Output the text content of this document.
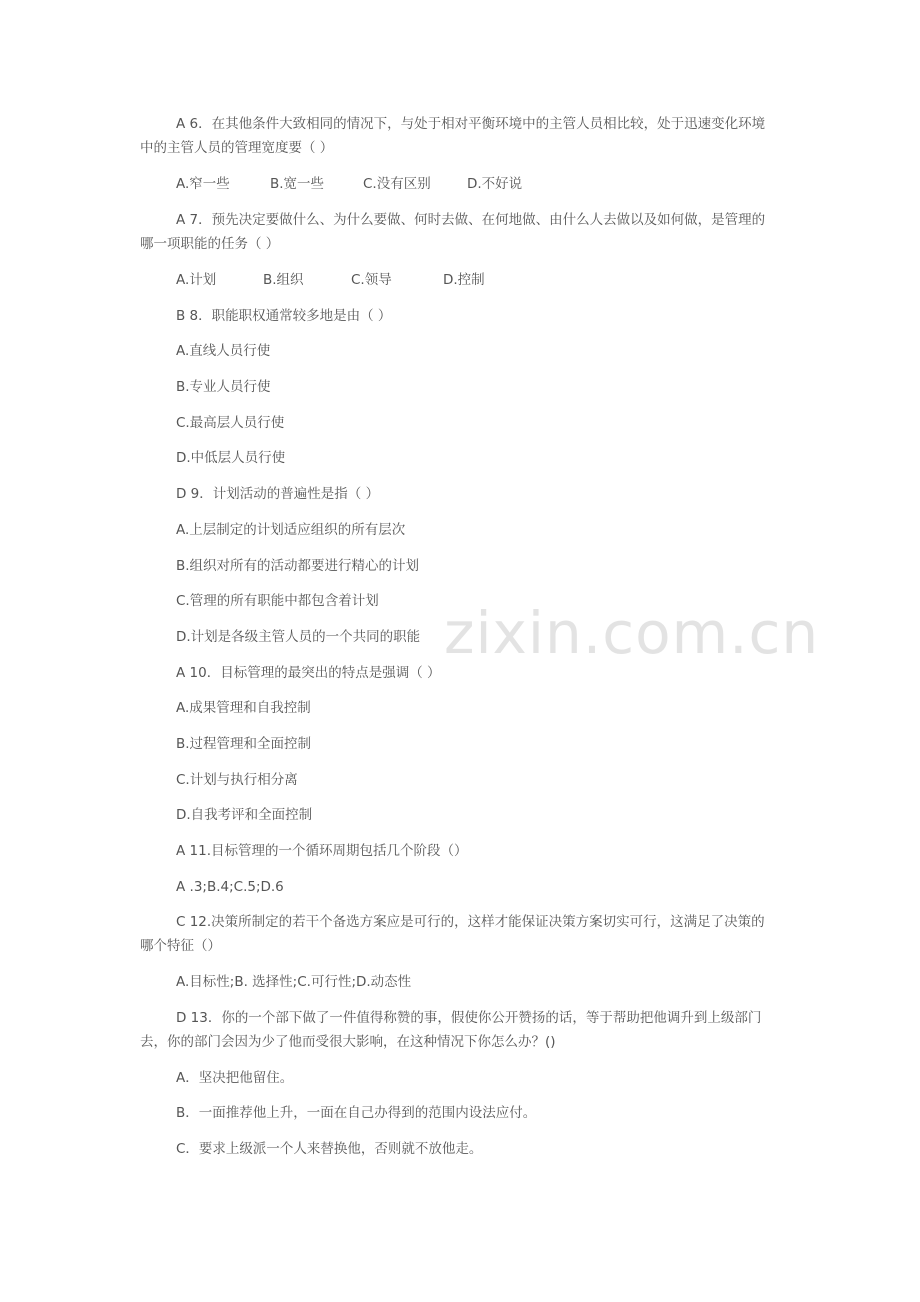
zixin.com.cn
A 6．在其他条件大致相同的情况下，与处于相对平衡环境中的主管人员相比较，处于迅速变化环境
中的主管人员的管理宽度要（ ）
A.窄一些	B.宽一些	C.没有区别	D.不好说
A 7．预先决定要做什么、为什么要做、何时去做、在何地做、由什么人去做以及如何做，是管理的
哪一项职能的任务（ ）
A.计划	B.组织	C.领导	D.控制
B 8．职能职权通常较多地是由（ ）
A.直线人员行使
B.专业人员行使
C.最高层人员行使
D.中低层人员行使
D 9．计划活动的普遍性是指（ ）
A.上层制定的计划适应组织的所有层次
B.组织对所有的活动都要进行精心的计划
C.管理的所有职能中都包含着计划
D.计划是各级主管人员的一个共同的职能
A 10．目标管理的最突出的特点是强调（ ）
A.成果管理和自我控制
B.过程管理和全面控制
C.计划与执行相分离
D.自我考评和全面控制
A 11.目标管理的一个循环周期包括几个阶段（）
A .3;B.4;C.5;D.6
C 12.决策所制定的若干个备选方案应是可行的，这样才能保证决策方案切实可行，这满足了决策的
哪个特征（）
A.目标性;B. 选择性;C.可行性;D.动态性
D 13．你的一个部下做了一件值得称赞的事，假使你公开赞扬的话，等于帮助把他调升到上级部门
去，你的部门会因为少了他而受很大影响，在这种情况下你怎么办？()
A．坚决把他留住。
B．一面推荐他上升，一面在自己办得到的范围内设法应付。
C．要求上级派一个人来替换他，否则就不放他走。
